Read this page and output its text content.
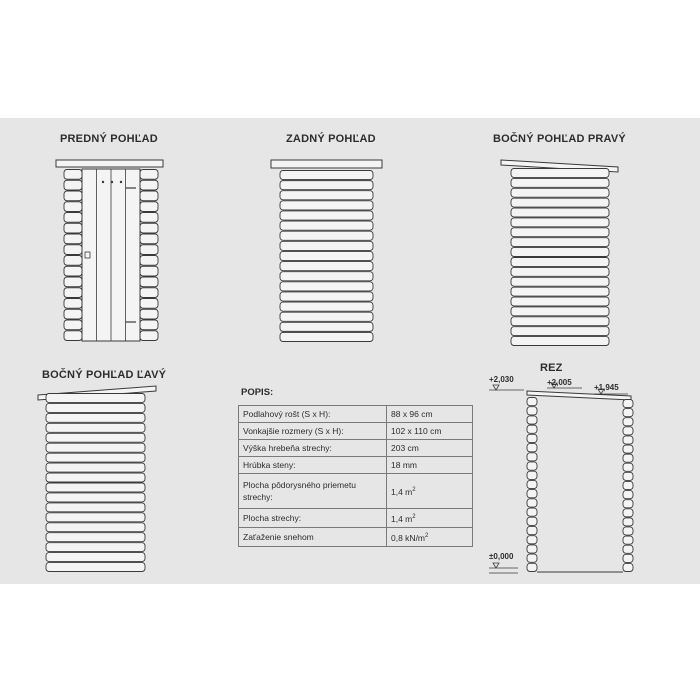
PREDNÝ POHĽAD	ZADNÝ POHĽAD	BOČNÝ POHĽAD PRAVÝ
BOČNÝ POHĽAD ĽAVÝ
REZ
POPIS:
Podlahový rošt (S x H):	88 x 96 cm
Vonkajšie rozmery (S x H):	102 x 110 cm
Výška hrebeňa strechy:	203 cm
Hrúbka steny:	18 mm
Plocha pôdorysného priemetu strechy:	1,4 $m^2$
Plocha strechy:	1,4 $m^2$
Zaťaženie snehom	0,8 $kN/m^2$
+2,030	+2,005
+1,945
±0,000
